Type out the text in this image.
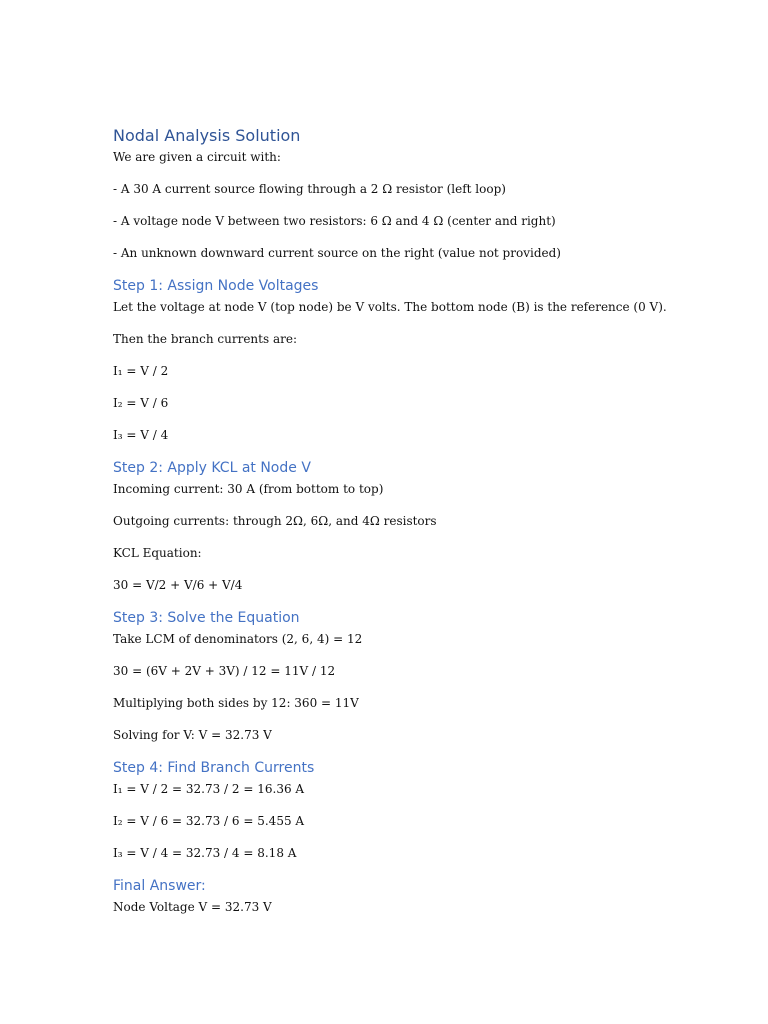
Nodal Analysis Solution

We are given a circuit with:

- A 30 A current source flowing through a 2 Ω resistor (left loop)

- A voltage node V between two resistors: 6 Ω and 4 Ω (center and right)

- An unknown downward current source on the right (value not provided)

Step 1: Assign Node Voltages

Let the voltage at node V (top node) be V volts. The bottom node (B) is the reference (0 V).

Then the branch currents are:

I₁ = V / 2

I₂ = V / 6

I₃ = V / 4

Step 2: Apply KCL at Node V

Incoming current: 30 A (from bottom to top)

Outgoing currents: through 2Ω, 6Ω, and 4Ω resistors

KCL Equation:

30 = V/2 + V/6 + V/4

Step 3: Solve the Equation

Take LCM of denominators (2, 6, 4) = 12

30 = (6V + 2V + 3V) / 12 = 11V / 12

Multiplying both sides by 12: 360 = 11V

Solving for V: V = 32.73 V

Step 4: Find Branch Currents

I₁ = V / 2 = 32.73 / 2 = 16.36 A

I₂ = V / 6 = 32.73 / 6 = 5.455 A

I₃ = V / 4 = 32.73 / 4 = 8.18 A

Final Answer:

Node Voltage V = 32.73 V
